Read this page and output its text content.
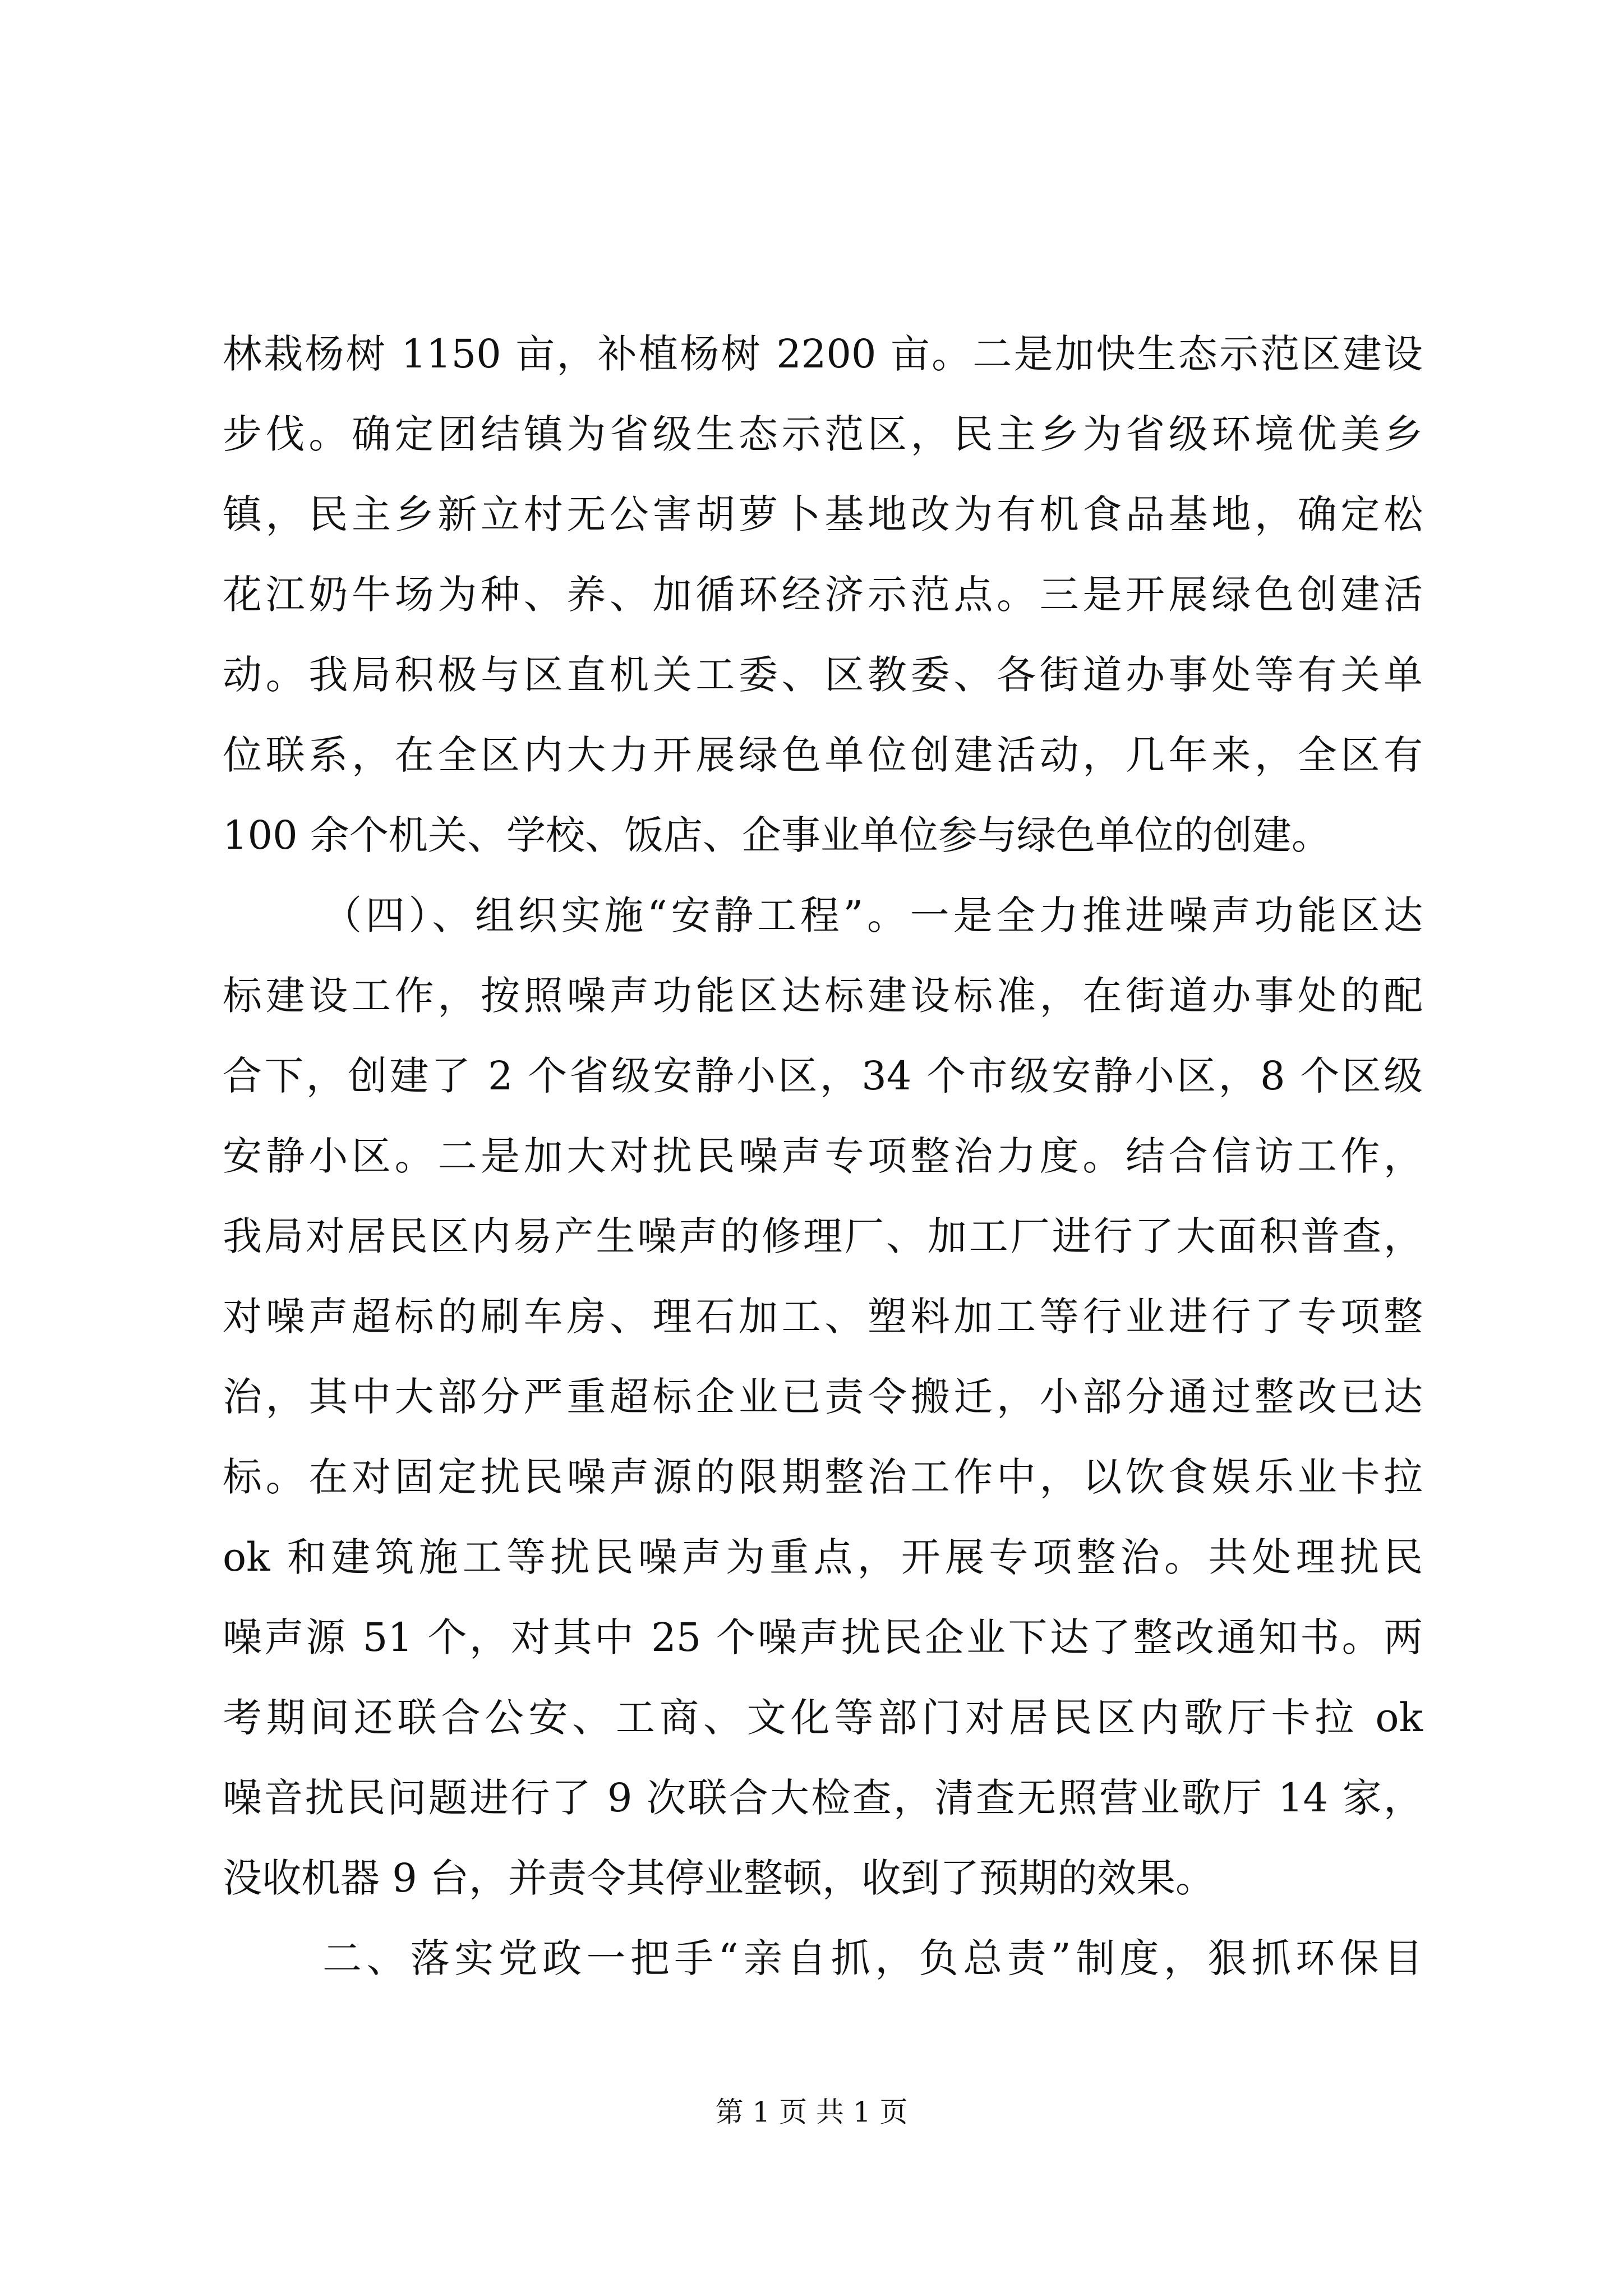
林栽杨树 1150 亩，补植杨树 2200 亩。二是加快生态示范区建设
步伐。确定团结镇为省级生态示范区，民主乡为省级环境优美乡
镇，民主乡新立村无公害胡萝卜基地改为有机食品基地，确定松
花江奶牛场为种、养、加循环经济示范点。三是开展绿色创建活
动。我局积极与区直机关工委、区教委、各街道办事处等有关单
位联系，在全区内大力开展绿色单位创建活动，几年来，全区有
100 余个机关、学校、饭店、企事业单位参与绿色单位的创建。
（四）、组织实施“安静工程”。一是全力推进噪声功能区达
标建设工作，按照噪声功能区达标建设标准，在街道办事处的配
合下，创建了 2 个省级安静小区，34 个市级安静小区，8 个区级
安静小区。二是加大对扰民噪声专项整治力度。结合信访工作，
我局对居民区内易产生噪声的修理厂、加工厂进行了大面积普查，
对噪声超标的刷车房、理石加工、塑料加工等行业进行了专项整
治，其中大部分严重超标企业已责令搬迁，小部分通过整改已达
标。在对固定扰民噪声源的限期整治工作中，以饮食娱乐业卡拉
ok 和建筑施工等扰民噪声为重点，开展专项整治。共处理扰民
噪声源 51 个，对其中 25 个噪声扰民企业下达了整改通知书。两
考期间还联合公安、工商、文化等部门对居民区内歌厅卡拉 ok
噪音扰民问题进行了 9 次联合大检查，清查无照营业歌厅 14 家，
没收机器 9 台，并责令其停业整顿，收到了预期的效果。
二、落实党政一把手“亲自抓，负总责”制度，狠抓环保目
第 1 页 共 1 页
